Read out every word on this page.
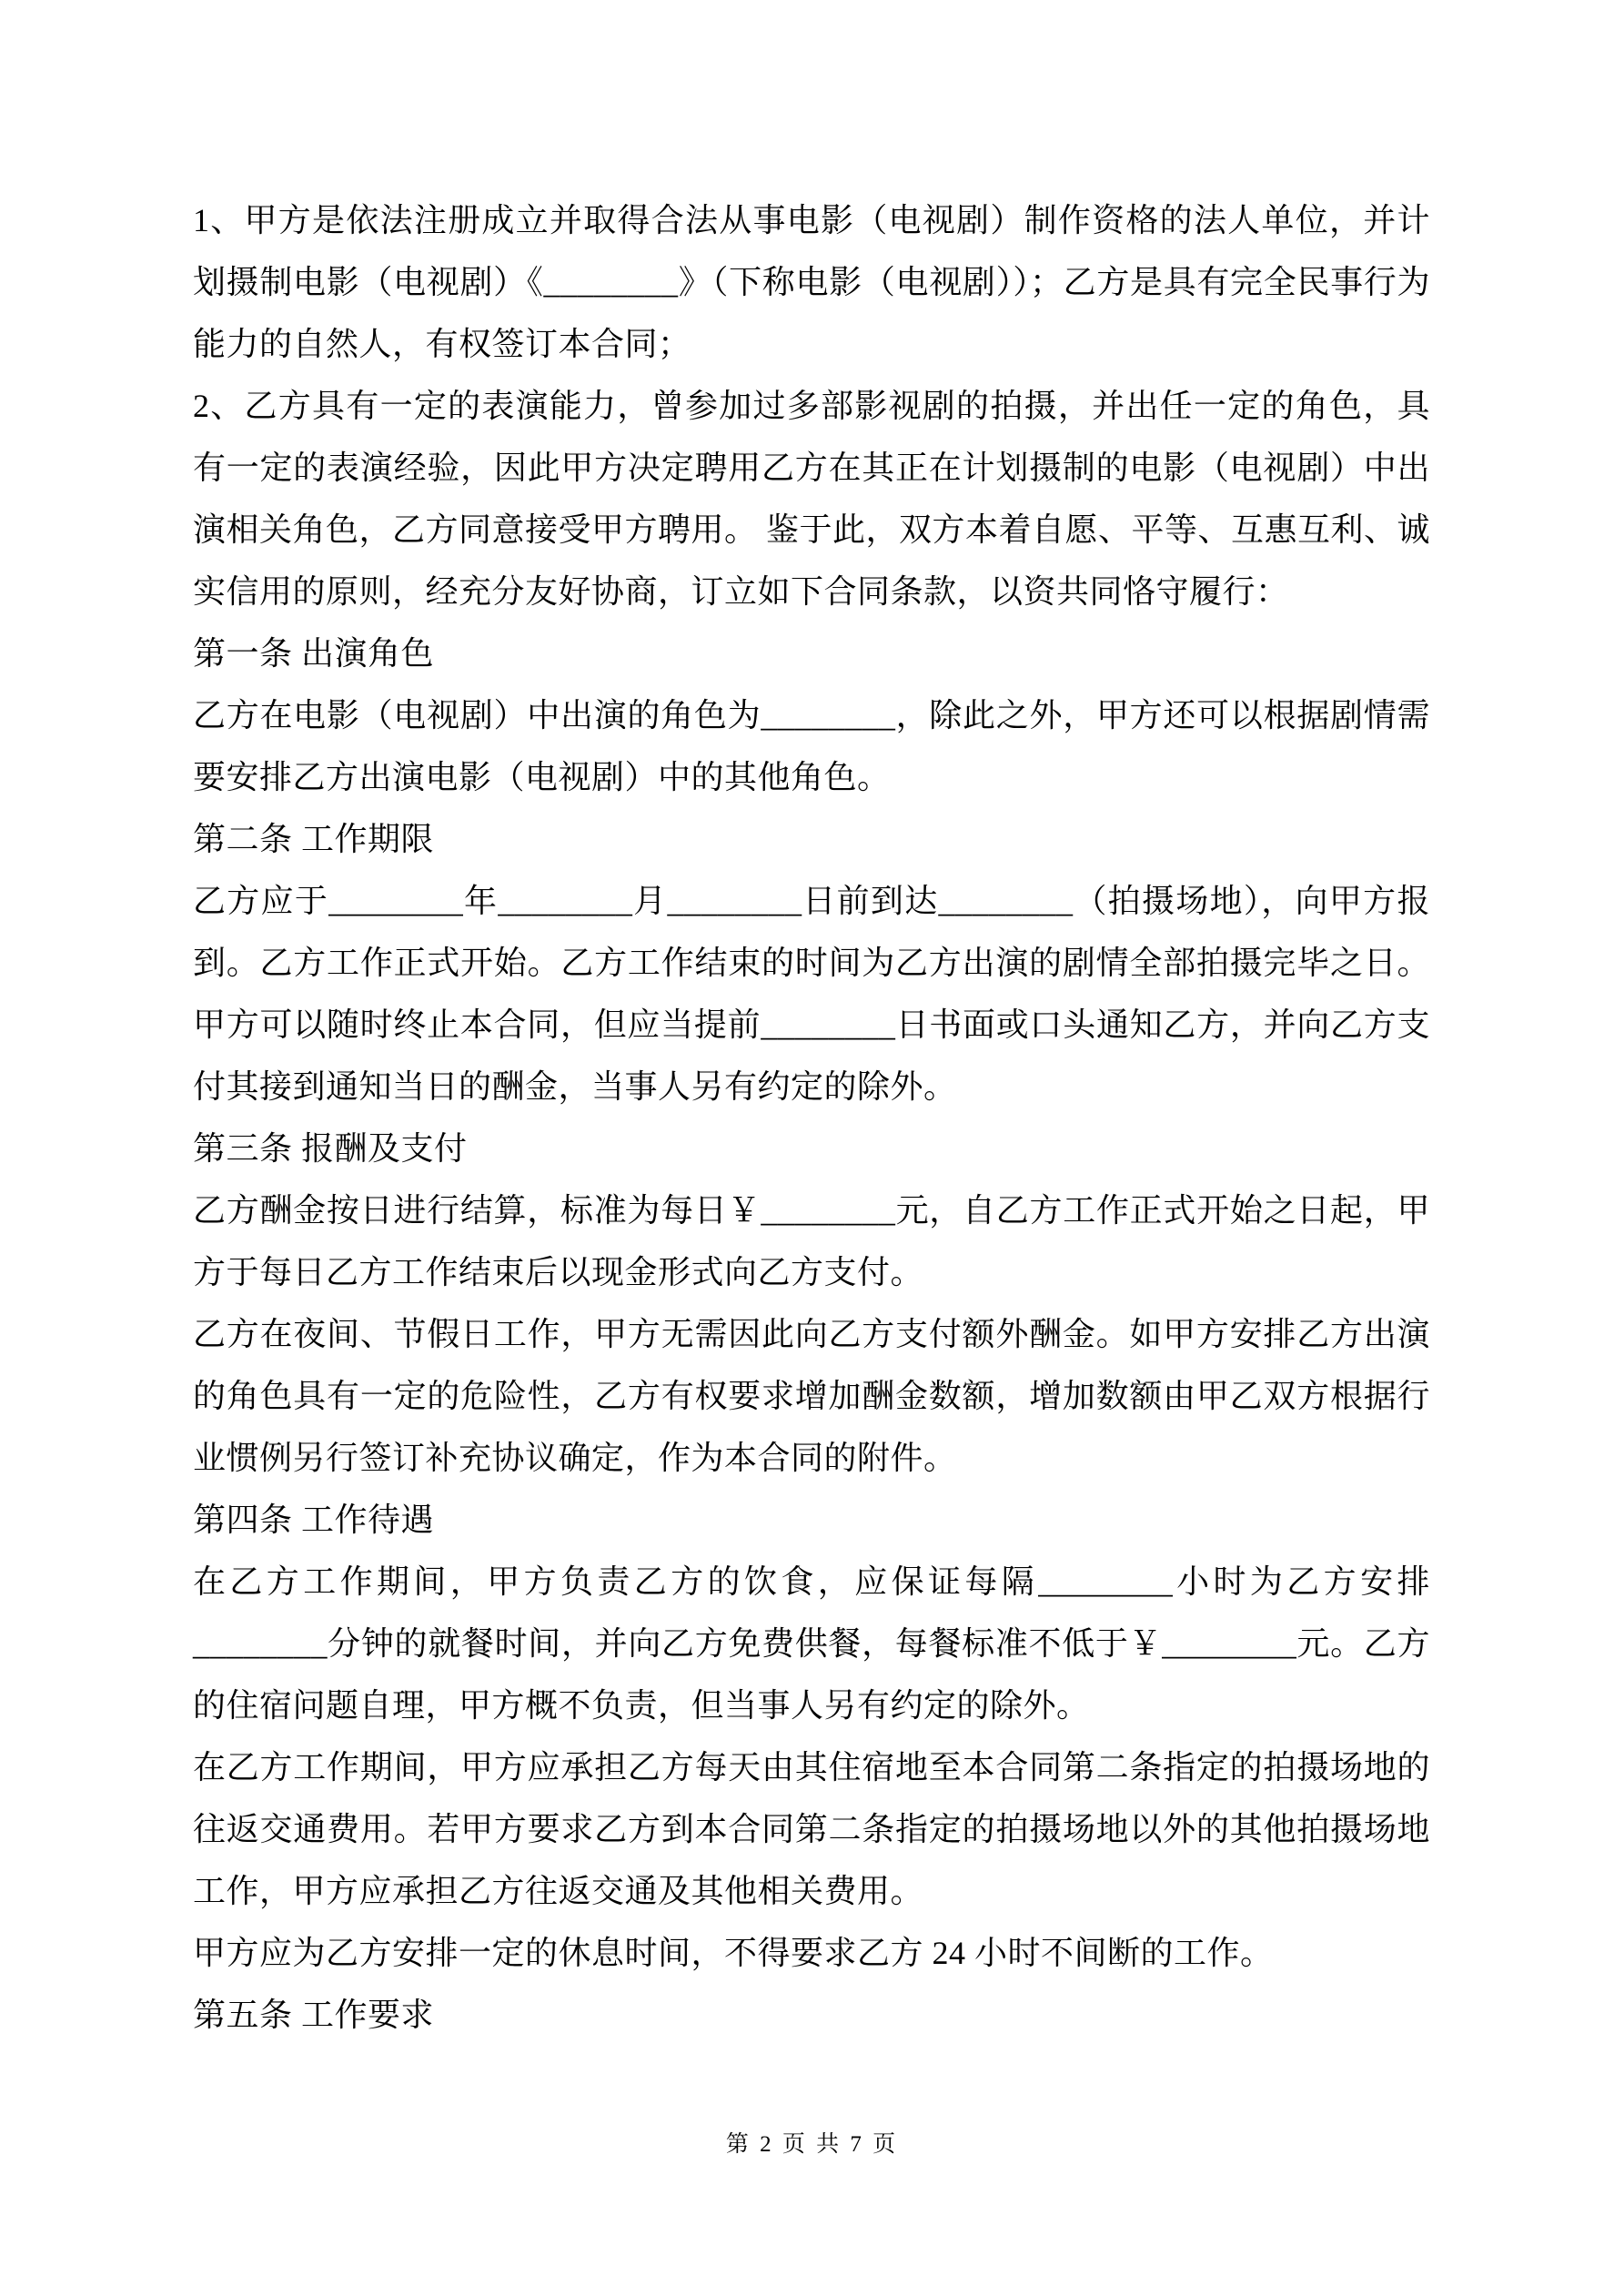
1、甲方是依法注册成立并取得合法从事电影（电视剧）制作资格的法人单位，并计划摄制电影（电视剧）《________》（下称电影（电视剧））；乙方是具有完全民事行为能力的自然人，有权签订本合同；

2、乙方具有一定的表演能力，曾参加过多部影视剧的拍摄，并出任一定的角色，具有一定的表演经验，因此甲方决定聘用乙方在其正在计划摄制的电影（电视剧）中出演相关角色，乙方同意接受甲方聘用。 鉴于此，双方本着自愿、平等、互惠互利、诚实信用的原则，经充分友好协商，订立如下合同条款，以资共同恪守履行：

第一条 出演角色

乙方在电影（电视剧）中出演的角色为________，除此之外，甲方还可以根据剧情需要安排乙方出演电影（电视剧）中的其他角色。

第二条 工作期限

乙方应于________年________月________日前到达________（拍摄场地），向甲方报到。乙方工作正式开始。乙方工作结束的时间为乙方出演的剧情全部拍摄完毕之日。甲方可以随时终止本合同，但应当提前________日书面或口头通知乙方，并向乙方支付其接到通知当日的酬金，当事人另有约定的除外。

第三条 报酬及支付

乙方酬金按日进行结算，标准为每日￥________元，自乙方工作正式开始之日起，甲方于每日乙方工作结束后以现金形式向乙方支付。

乙方在夜间、节假日工作，甲方无需因此向乙方支付额外酬金。如甲方安排乙方出演的角色具有一定的危险性，乙方有权要求增加酬金数额，增加数额由甲乙双方根据行业惯例另行签订补充协议确定，作为本合同的附件。

第四条 工作待遇

在乙方工作期间，甲方负责乙方的饮食，应保证每隔________小时为乙方安排________分钟的就餐时间，并向乙方免费供餐，每餐标准不低于￥________元。乙方的住宿问题自理，甲方概不负责，但当事人另有约定的除外。

在乙方工作期间，甲方应承担乙方每天由其住宿地至本合同第二条指定的拍摄场地的往返交通费用。若甲方要求乙方到本合同第二条指定的拍摄场地以外的其他拍摄场地工作，甲方应承担乙方往返交通及其他相关费用。

甲方应为乙方安排一定的休息时间，不得要求乙方 24 小时不间断的工作。

第五条 工作要求

第 2 页 共 7 页
